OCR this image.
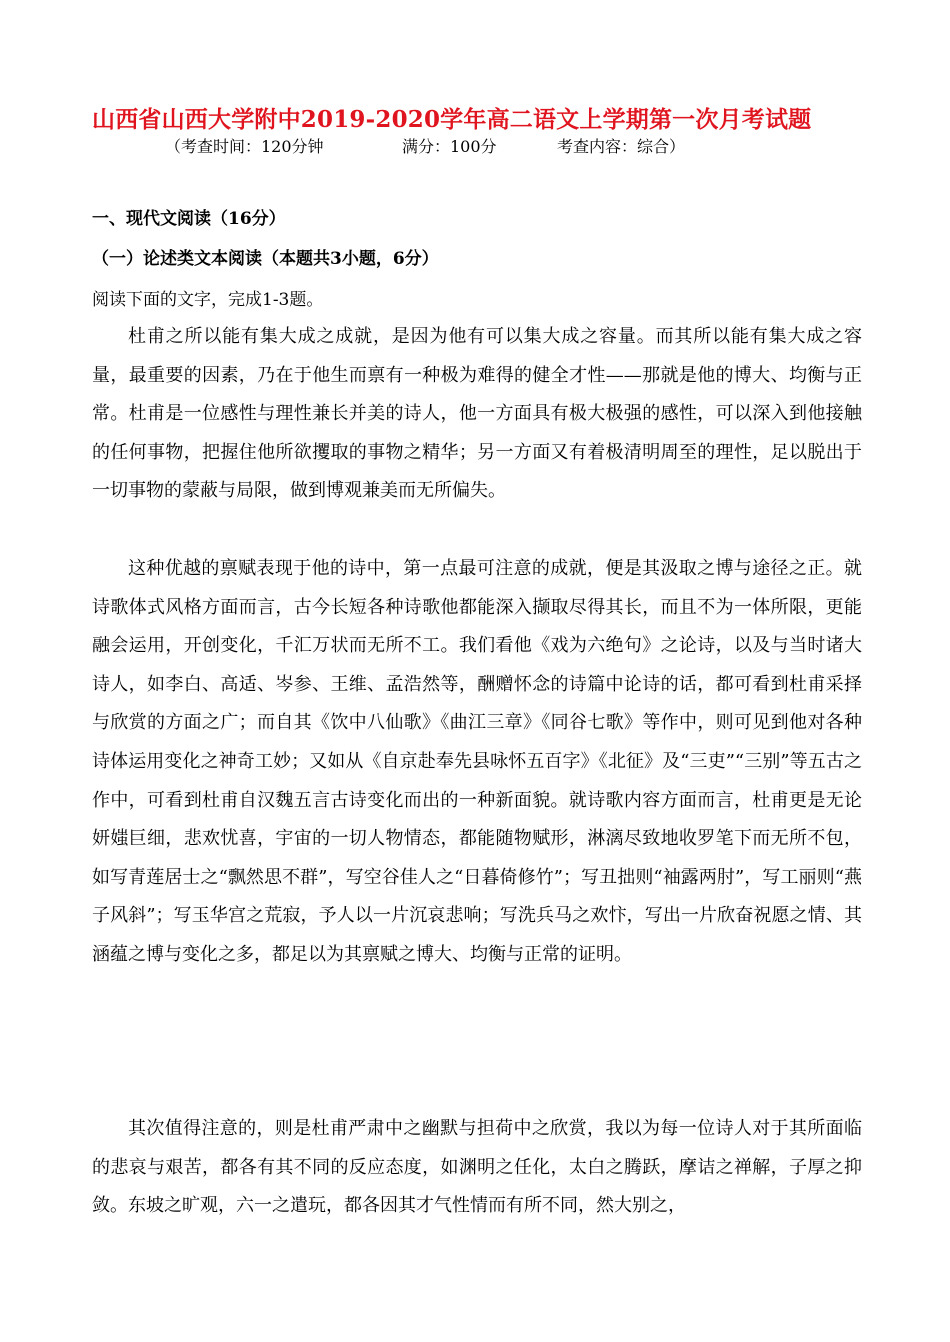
山西省山西大学附中2019-2020学年高二语文上学期第一次月考试题
（考查时间：120分钟	满分：100分	考查内容：综合）
一、现代文阅读（16分）
（一）论述类文本阅读（本题共3小题，6分）
阅读下面的文字，完成1-3题。
杜甫之所以能有集大成之成就，是因为他有可以集大成之容量。而其所以能有集大成之容量，最重要的因素，乃在于他生而禀有一种极为难得的健全才性——那就是他的博大、均衡与正常。杜甫是一位感性与理性兼长并美的诗人，他一方面具有极大极强的感性，可以深入到他接触的任何事物，把握住他所欲攫取的事物之精华；另一方面又有着极清明周至的理性，足以脱出于一切事物的蒙蔽与局限，做到博观兼美而无所偏失。
这种优越的禀赋表现于他的诗中，第一点最可注意的成就，便是其汲取之博与途径之正。就诗歌体式风格方面而言，古今长短各种诗歌他都能深入撷取尽得其长，而且不为一体所限，更能融会运用，开创变化，千汇万状而无所不工。我们看他《戏为六绝句》之论诗，以及与当时诸大诗人，如李白、高适、岑参、王维、孟浩然等，酬赠怀念的诗篇中论诗的话，都可看到杜甫采择与欣赏的方面之广；而自其《饮中八仙歌》《曲江三章》《同谷七歌》等作中，则可见到他对各种诗体运用变化之神奇工妙；又如从《自京赴奉先县咏怀五百字》《北征》及“三吏”“三别”等五古之作中，可看到杜甫自汉魏五言古诗变化而出的一种新面貌。就诗歌内容方面而言，杜甫更是无论妍媸巨细，悲欢忧喜，宇宙的一切人物情态，都能随物赋形，淋漓尽致地收罗笔下而无所不包，如写青莲居士之“飘然思不群”，写空谷佳人之“日暮倚修竹”；写丑拙则“袖露两肘”，写工丽则“燕子风斜”；写玉华宫之荒寂，予人以一片沉哀悲响；写洗兵马之欢忭，写出一片欣奋祝愿之情、其涵蕴之博与变化之多，都足以为其禀赋之博大、均衡与正常的证明。
其次值得注意的，则是杜甫严肃中之幽默与担荷中之欣赏，我以为每一位诗人对于其所面临的悲哀与艰苦，都各有其不同的反应态度，如渊明之任化，太白之腾跃，摩诘之禅解，子厚之抑敛。东坡之旷观，六一之遣玩，都各因其才气性情而有所不同，然大别之，
